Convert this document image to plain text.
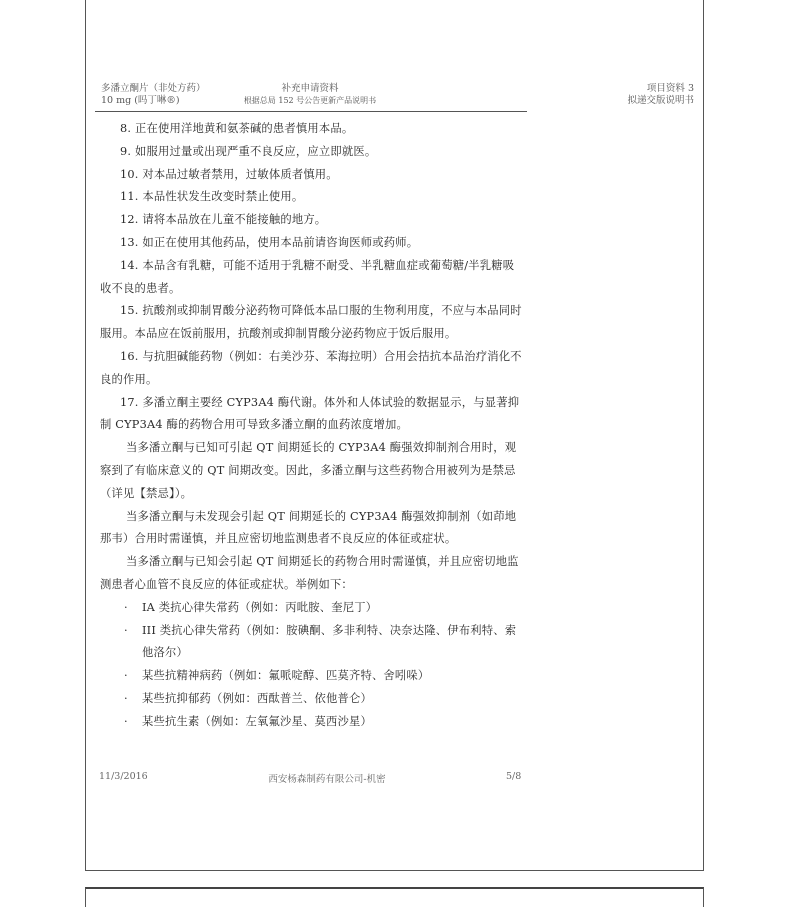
多潘立酮片（非处方药）
10 mg (吗丁啉®)
补充申请资料
根据总局 152 号公告更新产品说明书
项目资料 3
拟递交版说明书

8. 正在使用洋地黄和氨茶碱的患者慎用本品。

9. 如服用过量或出现严重不良反应，应立即就医。

10. 对本品过敏者禁用，过敏体质者慎用。

11. 本品性状发生改变时禁止使用。

12. 请将本品放在儿童不能接触的地方。

13. 如正在使用其他药品，使用本品前请咨询医师或药师。

14. 本品含有乳糖，可能不适用于乳糖不耐受、半乳糖血症或葡萄糖/半乳糖吸收不良的患者。

15. 抗酸剂或抑制胃酸分泌药物可降低本品口服的生物利用度，不应与本品同时服用。本品应在饭前服用，抗酸剂或抑制胃酸分泌药物应于饭后服用。

16. 与抗胆碱能药物（例如：右美沙芬、苯海拉明）合用会拮抗本品治疗消化不良的作用。

17. 多潘立酮主要经 CYP3A4 酶代谢。体外和人体试验的数据显示，与显著抑制 CYP3A4 酶的药物合用可导致多潘立酮的血药浓度增加。

当多潘立酮与已知可引起 QT 间期延长的 CYP3A4 酶强效抑制剂合用时，观察到了有临床意义的 QT 间期改变。因此，多潘立酮与这些药物合用被列为是禁忌（详见【禁忌】）。

当多潘立酮与未发现会引起 QT 间期延长的 CYP3A4 酶强效抑制剂（如茚地那韦）合用时需谨慎，并且应密切地监测患者不良反应的体征或症状。

当多潘立酮与已知会引起 QT 间期延长的药物合用时需谨慎，并且应密切地监测患者心血管不良反应的体征或症状。举例如下：

· IA 类抗心律失常药（例如：丙吡胺、奎尼丁）
· III 类抗心律失常药（例如：胺碘酮、多非利特、决奈达隆、伊布利特、索他洛尔）
· 某些抗精神病药（例如：氟哌啶醇、匹莫齐特、舍吲哚）
· 某些抗抑郁药（例如：西酞普兰、依他普仑）
· 某些抗生素（例如：左氧氟沙星、莫西沙星）
11/3/2016	西安杨森制药有限公司-机密	5/8
